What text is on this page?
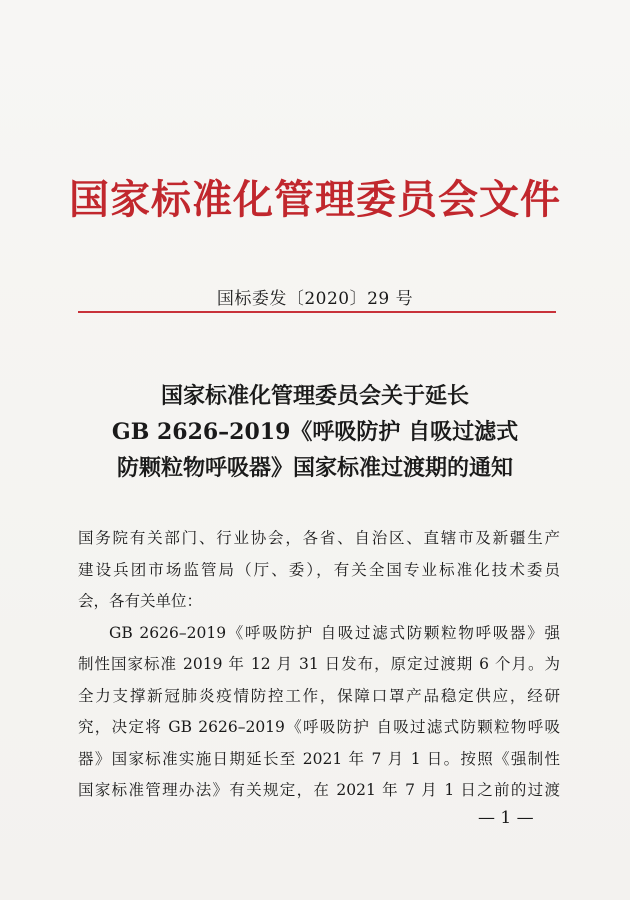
国家标准化管理委员会文件
国标委发〔2020〕29 号
国家标准化管理委员会关于延长
GB 2626–2019《呼吸防护 自吸过滤式
防颗粒物呼吸器》国家标准过渡期的通知
国务院有关部门、行业协会，各省、自治区、直辖市及新疆生产
建设兵团市场监管局（厅、委），有关全国专业标准化技术委员
会，各有关单位：
GB 2626–2019《呼吸防护 自吸过滤式防颗粒物呼吸器》强
制性国家标准 2019 年 12 月 31 日发布，原定过渡期 6 个月。为
全力支撑新冠肺炎疫情防控工作，保障口罩产品稳定供应，经研
究，决定将 GB 2626–2019《呼吸防护 自吸过滤式防颗粒物呼吸
器》国家标准实施日期延长至 2021 年 7 月 1 日。按照《强制性
国家标准管理办法》有关规定，在 2021 年 7 月 1 日之前的过渡
— 1 —
